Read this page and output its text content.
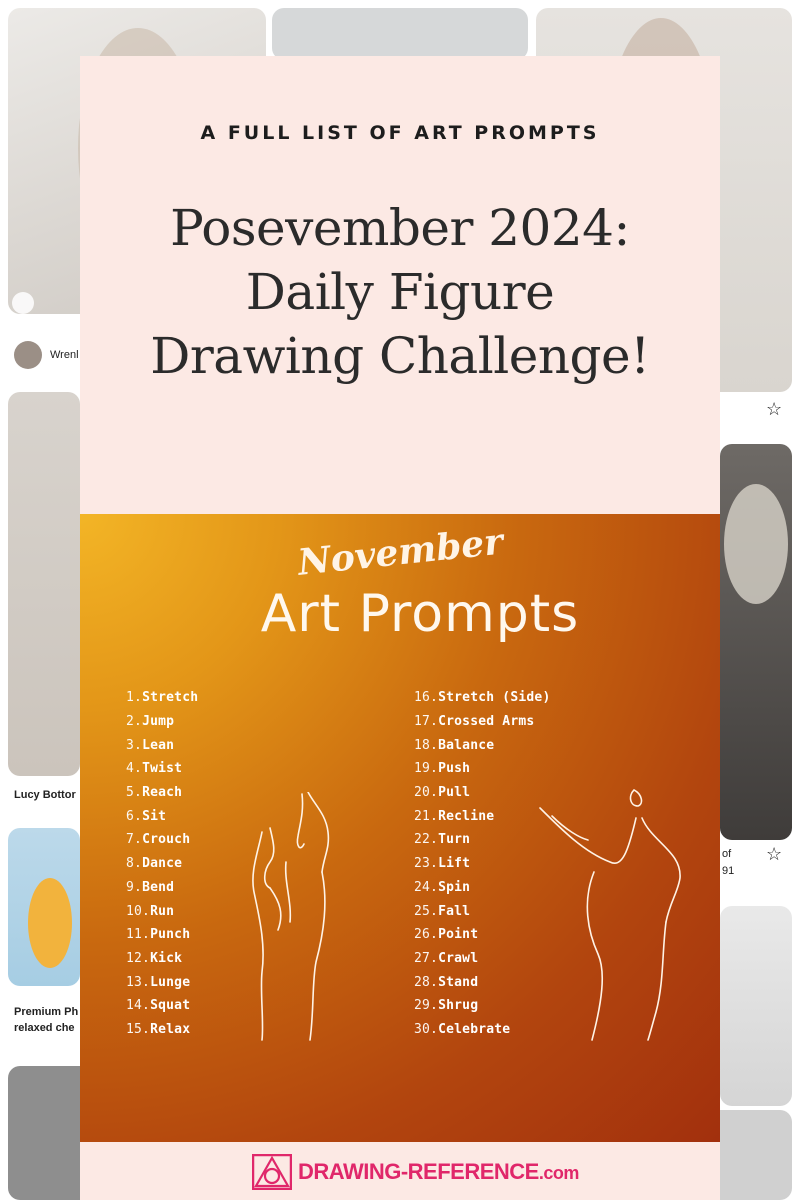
Wrenl
☆
Lucy Bottor
of
91
☆
Premium Ph
relaxed che
A FULL LIST OF ART PROMPTS
Posevember 2024:
Daily Figure
Drawing Challenge!
November
Art Prompts
1. Stretch
2. Jump
3. Lean
4. Twist
5. Reach
6. Sit
7. Crouch
8. Dance
9. Bend
10. Run
11. Punch
12. Kick
13. Lunge
14. Squat
15. Relax
16. Stretch (Side)
17. Crossed Arms
18. Balance
19. Push
20. Pull
21. Recline
22. Turn
23. Lift
24. Spin
25. Fall
26. Point
27. Crawl
28. Stand
29. Shrug
30. Celebrate
DRAWING-REFERENCE.com
